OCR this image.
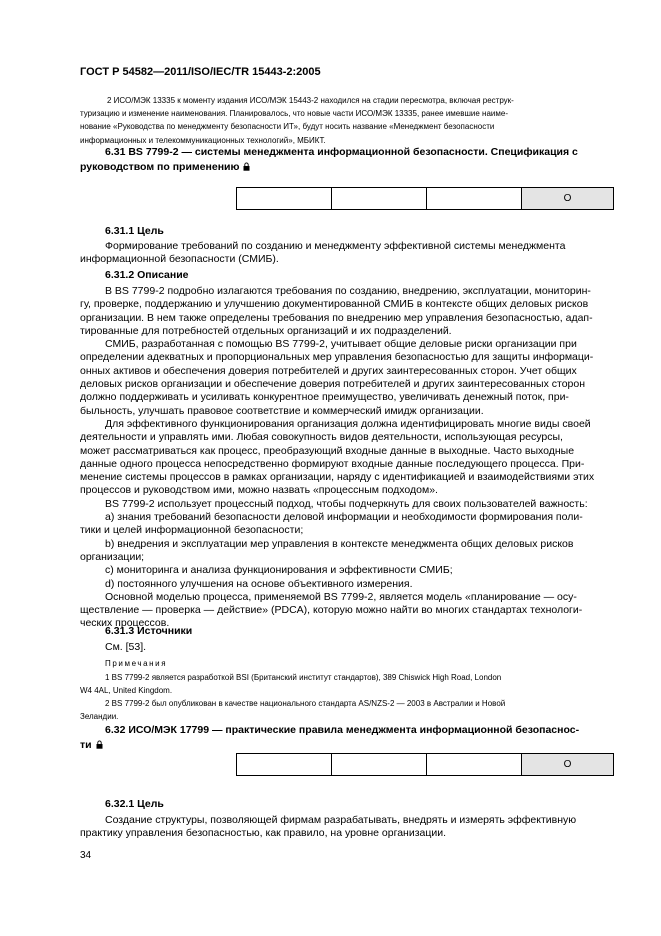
ГОСТ Р 54582—2011/ISO/IEC/TR 15443-2:2005
2 ИСО/МЭК 13335 к моменту издания ИСО/МЭК 15443-2 находился на стадии пересмотра, включая реструк-
туризацию и изменение наименования. Планировалось, что новые части ИСО/МЭК 13335, ранее имевшие наиме-
нование «Руководства по менеджменту безопасности ИТ», будут носить название «Менеджмент безопасности
информационных и телекоммуникационных технологий», МБИКТ.
6.31 BS 7799-2 — системы менеджмента информационной безопасности. Спецификация с
руководством по применению
			O
6.31.1 Цель

Формирование требований по созданию и менеджменту эффективной системы менеджмента

информационной безопасности (СМИБ).

6.31.2 Описание

В BS 7799-2 подробно излагаются требования по созданию, внедрению, эксплуатации, мониторин-

гу, проверке, поддержанию и улучшению документированной СМИБ в контексте общих деловых рисков

организации. В нем также определены требования по внедрению мер управления безопасностью, адап-

тированные для потребностей отдельных организаций и их подразделений.

СМИБ, разработанная с помощью BS 7799-2, учитывает общие деловые риски организации при

определении адекватных и пропорциональных мер управления безопасностью для защиты информаци-

онных активов и обеспечения доверия потребителей и других заинтересованных сторон. Учет общих

деловых рисков организации и обеспечение доверия потребителей и других заинтересованных сторон

должно поддерживать и усиливать конкурентное преимущество, увеличивать денежный поток, при-

быльность, улучшать правовое соответствие и коммерческий имидж организации.

Для эффективного функционирования организация должна идентифицировать многие виды своей

деятельности и управлять ими. Любая совокупность видов деятельности, использующая ресурсы,

может рассматриваться как процесс, преобразующий входные данные в выходные. Часто выходные

данные одного процесса непосредственно формируют входные данные последующего процесса. При-

менение системы процессов в рамках организации, наряду с идентификацией и взаимодействиями этих

процессов и руководством ими, можно назвать «процессным подходом».

BS 7799-2 использует процессный подход, чтобы подчеркнуть для своих пользователей важность:

a) знания требований безопасности деловой информации и необходимости формирования поли-

тики и целей информационной безопасности;

b) внедрения и эксплуатации мер управления в контексте менеджмента общих деловых рисков

организации;

c) мониторинга и анализа функционирования и эффективности СМИБ;

d) постоянного улучшения на основе объективного измерения.

Основной моделью процесса, применяемой BS 7799-2, является модель «планирование — осу-

ществление — проверка — действие» (PDCA), которую можно найти во многих стандартах технологи-

ческих процессов.

6.31.3 Источники
См. [53].
Примечания
1 BS 7799-2 является разработкой BSI (Британский институт стандартов), 389 Chiswick High Road, London
W4 4AL, United Kingdom.
2 BS 7799-2 был опубликован в качестве национального стандарта AS/NZS-2 — 2003 в Австралии и Новой
Зеландии.
6.32 ИСО/МЭК 17799 — практические правила менеджмента информационной безопаснос-
ти
			O
6.32.1 Цель

Создание структуры, позволяющей фирмам разрабатывать, внедрять и измерять эффективную

практику управления безопасностью, как правило, на уровне организации.

34
